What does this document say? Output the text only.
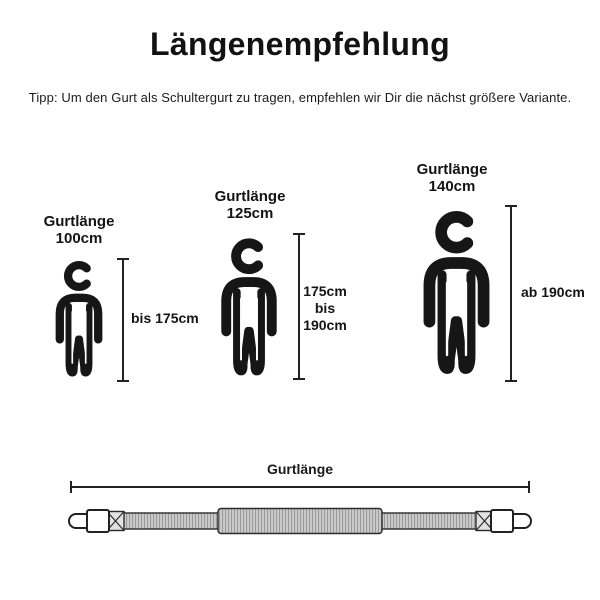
Längenempfehlung

Tipp: Um den Gurt als Schultergurt zu tragen, empfehlen wir Dir die nächst größere Variante.

Gurtlänge
100cm
bis 175cm
Gurtlänge
125cm
175cm
bis
190cm
Gurtlänge
140cm
ab 190cm
Gurtlänge
